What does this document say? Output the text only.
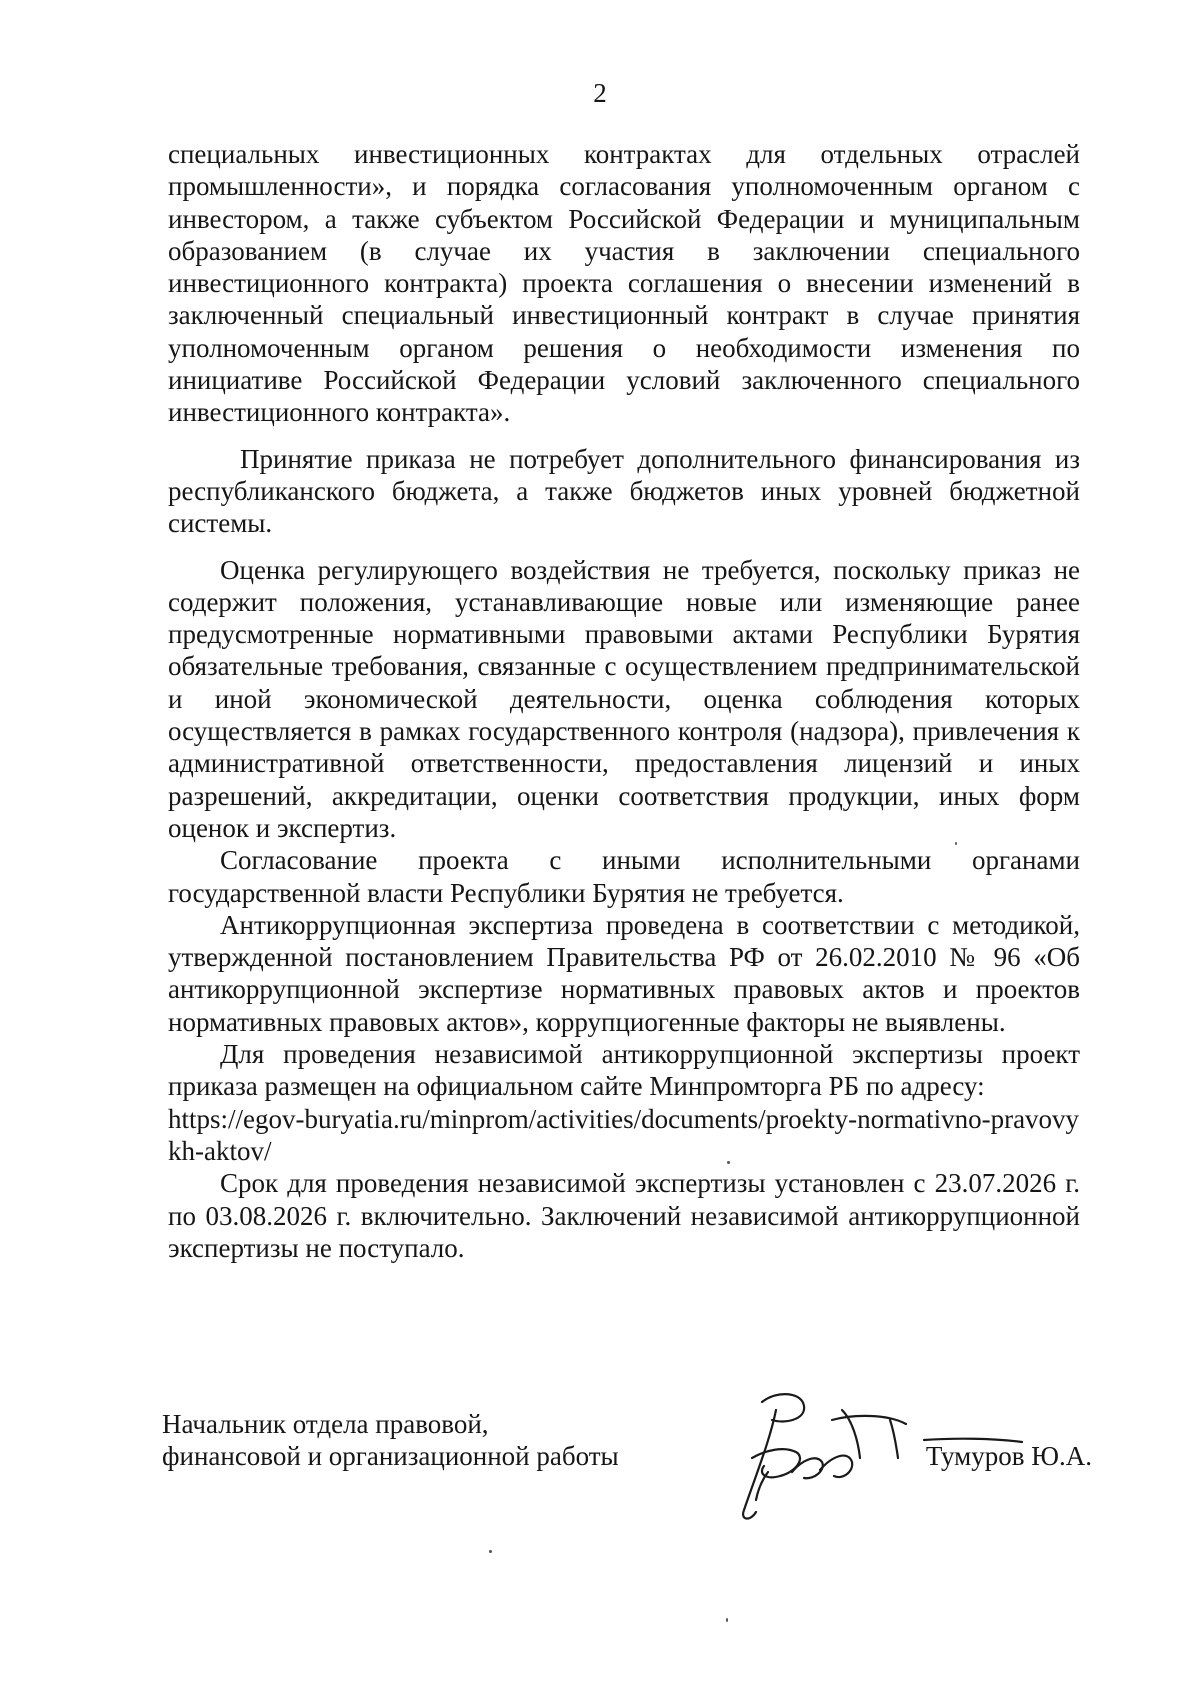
2

специальных инвестиционных контрактах для отдельных отраслей промышленности», и порядка согласования уполномоченным органом с инвестором, а также субъектом Российской Федерации и муниципальным образованием (в случае их участия в заключении специального инвестиционного контракта) проекта соглашения о внесении изменений в заключенный специальный инвестиционный контракт в случае принятия уполномоченным органом решения о необходимости изменения по инициативе Российской Федерации условий заключенного специального инвестиционного контракта».

Принятие приказа не потребует дополнительного финансирования из республиканского бюджета, а также бюджетов иных уровней бюджетной системы.

Оценка регулирующего воздействия не требуется, поскольку приказ не содержит положения, устанавливающие новые или изменяющие ранее предусмотренные нормативными правовыми актами Республики Бурятия обязательные требования, связанные с осуществлением предпринимательской и иной экономической деятельности, оценка соблюдения которых осуществляется в рамках государственного контроля (надзора), привлечения к административной ответственности, предоставления лицензий и иных разрешений, аккредитации, оценки соответствия продукции, иных форм оценок и экспертиз.

Согласование проекта с иными исполнительными органами государственной власти Республики Бурятия не требуется.

Антикоррупционная экспертиза проведена в соответствии с методикой, утвержденной постановлением Правительства РФ от 26.02.2010 № 96 «Об антикоррупционной экспертизе нормативных правовых актов и проектов нормативных правовых актов», коррупциогенные факторы не выявлены.

Для проведения независимой антикоррупционной экспертизы проект приказа размещен на официальном сайте Минпромторга РБ по адресу:

https://egov-buryatia.ru/minprom/activities/documents/proekty-normativno-pravovykh-aktov/

Срок для проведения независимой экспертизы установлен с 23.07.2026 г. по 03.08.2026 г. включительно. Заключений независимой антикоррупционной экспертизы не поступало.

Начальник отдела правовой,
финансовой и организационной работы	Тумуров Ю.А.
